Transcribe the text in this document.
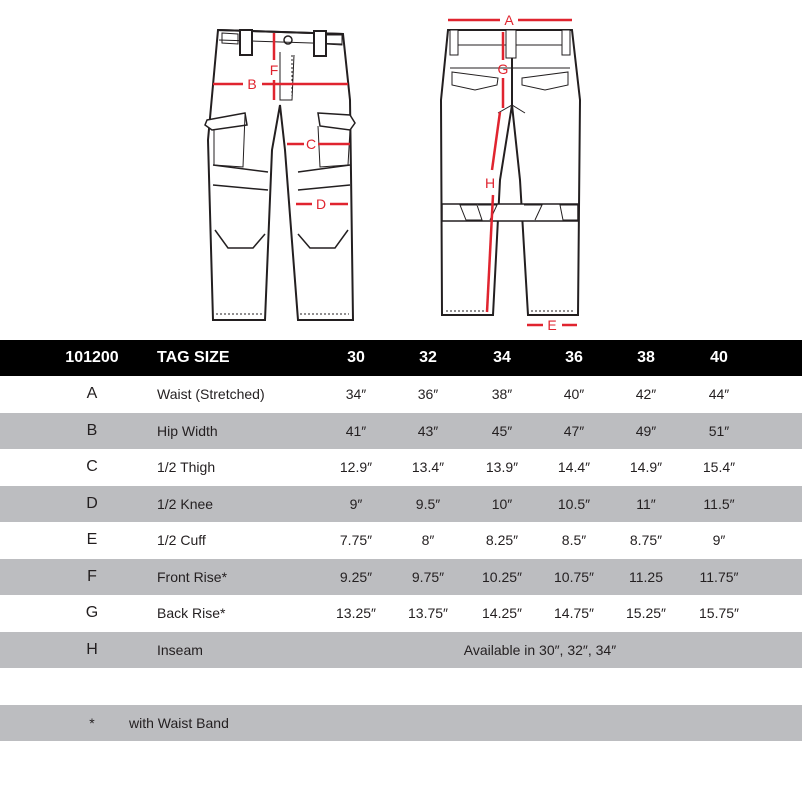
F
B
C
D
A
G
H
E
101200	TAG SIZE	30	32	34	36	38	40
A	Waist (Stretched)	34″	36″	38″	40″	42″	44″
B	Hip Width	41″	43″	45″	47″	49″	51″
C	1/2 Thigh	12.9″	13.4″	13.9″	14.4″	14.9″	15.4″
D	1/2 Knee	9″	9.5″	10″	10.5″	11″	11.5″
E	1/2 Cuff	7.75″	8″	8.25″	8.5″	8.75″	9″
F	Front Rise*	9.25″	9.75″	10.25″	10.75″	11.25	11.75″
G	Back Rise*	13.25″	13.75″	14.25″	14.75″	15.25″	15.75″
H	Inseam	Available in 30″, 32″, 34″
*	with Waist Band
